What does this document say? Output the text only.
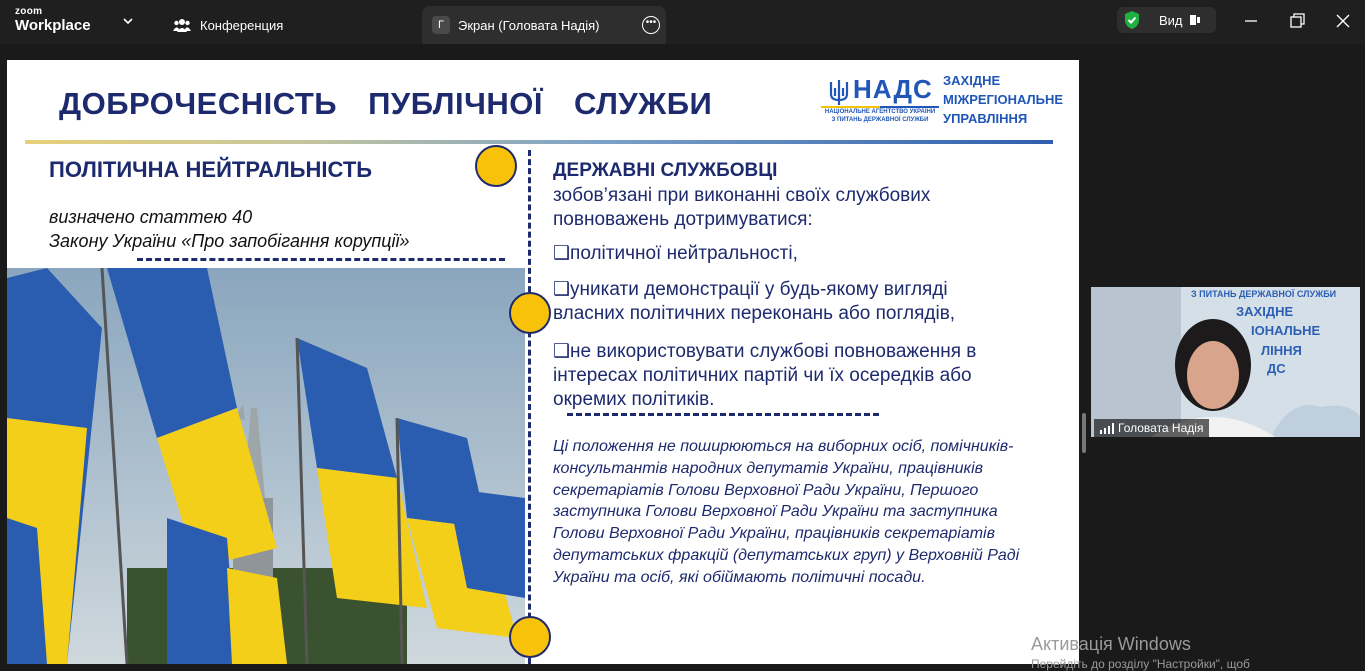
zoom
Workplace	Конференция	Г	Экран (Головата Надія)	•••	Вид
ДОБРОЧЕСНІСТЬ ПУБЛІЧНОЇ СЛУЖБИ	НАДС
НАЦІОНАЛЬНЕ АГЕНТСТВО УКРАЇНИ
З ПИТАНЬ ДЕРЖАВНОЇ СЛУЖБИ
ЗАХІДНЕ
МІЖРЕГІОНАЛЬНЕ
УПРАВЛІННЯ
ПОЛІТИЧНА НЕЙТРАЛЬНІСТЬ
визначено статтею 40
Закону України «Про запобігання корупції»
ДЕРЖАВНІ СЛУЖБОВЦІ
зобов’язані при виконанні своїх службових повноважень дотримуватися:
❑політичної нейтральності,
❑уникати демонстрації у будь-якому вигляді власних політичних переконань або поглядів,
❑не використовувати службові повноваження в інтересах політичних партій чи їх осередків або окремих політиків.
Ці положення не поширюються на виборних осіб, помічників-консультантів народних депутатів України, працівників секретаріатів Голови Верховної Ради України, Першого заступника Голови Верховної Ради України та заступника Голови Верховної Ради України, працівників секретаріатів депутатських фракцій (депутатських груп) у Верховній Раді України та осіб, які обіймають політичні посади.
З ПИТАНЬ ДЕРЖАВНОЇ СЛУЖБИ
ЗАХІДНЕ
ІОНАЛЬНЕ
ЛІННЯ
ДС
Головата Надія
Активація Windows
Перейдіть до розділу "Настройки", щоб
